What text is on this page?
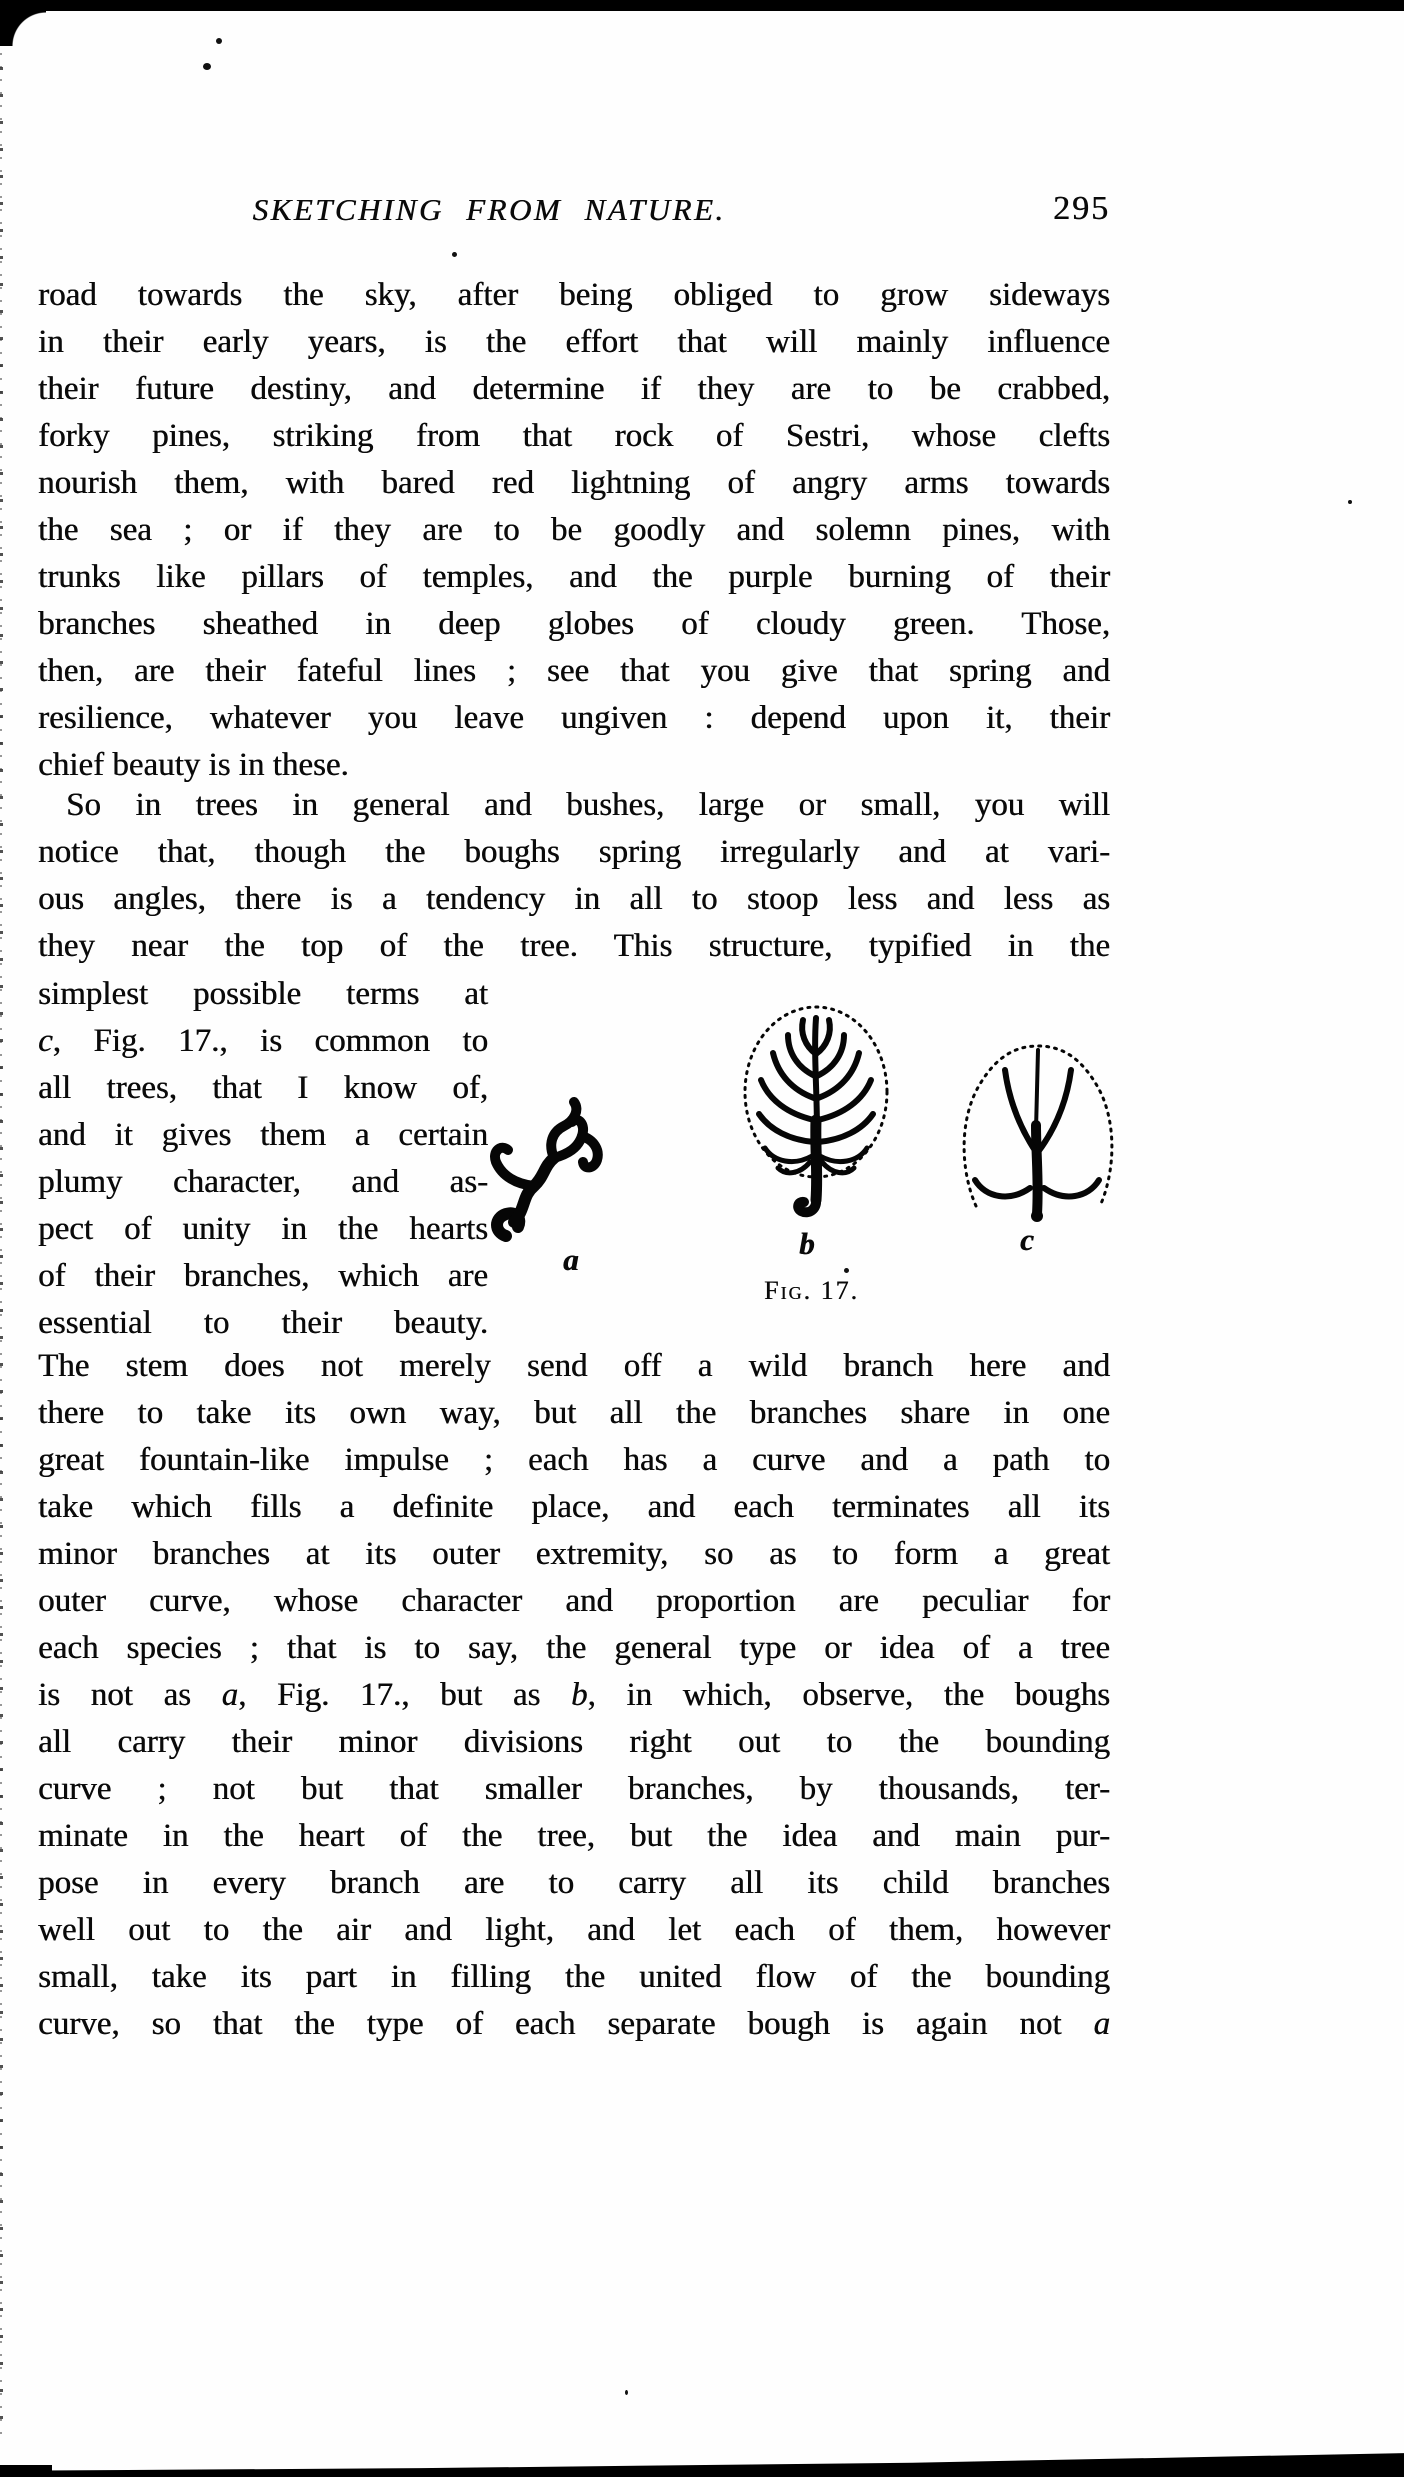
SKETCHING FROM NATURE.	295
road towards the sky, after being obliged to grow sideways
in their early years, is the effort that will mainly influence
their future destiny, and determine if they are to be crabbed,
forky pines, striking from that rock of Sestri, whose clefts
nourish them, with bared red lightning of angry arms towards
the sea ; or if they are to be goodly and solemn pines, with
trunks like pillars of temples, and the purple burning of their
branches sheathed in deep globes of cloudy green. Those,
then, are their fateful lines ; see that you give that spring and
resilience, whatever you leave ungiven : depend upon it, their
chief beauty is in these.
So in trees in general and bushes, large or small, you will
notice that, though the boughs spring irregularly and at vari-
ous angles, there is a tendency in all to stoop less and less as
they near the top of the tree. This structure, typified in the
simplest possible terms at
c, Fig. 17., is common to
all trees, that I know of,
and it gives them a certain
plumy character, and as-
pect of unity in the hearts
of their branches, which are
essential to their beauty.
The stem does not merely send off a wild branch here and
there to take its own way, but all the branches share in one
great fountain-like impulse ; each has a curve and a path to
take which fills a definite place, and each terminates all its
minor branches at its outer extremity, so as to form a great
outer curve, whose character and proportion are peculiar for
each species ; that is to say, the general type or idea of a tree
is not as a, Fig. 17., but as b, in which, observe, the boughs
all carry their minor divisions right out to the bounding
curve ; not but that smaller branches, by thousands, ter-
minate in the heart of the tree, but the idea and main pur-
pose in every branch are to carry all its child branches
well out to the air and light, and let each of them, however
small, take its part in filling the united flow of the bounding
curve, so that the type of each separate bough is again not a
a	b	c
Fig. 17.
